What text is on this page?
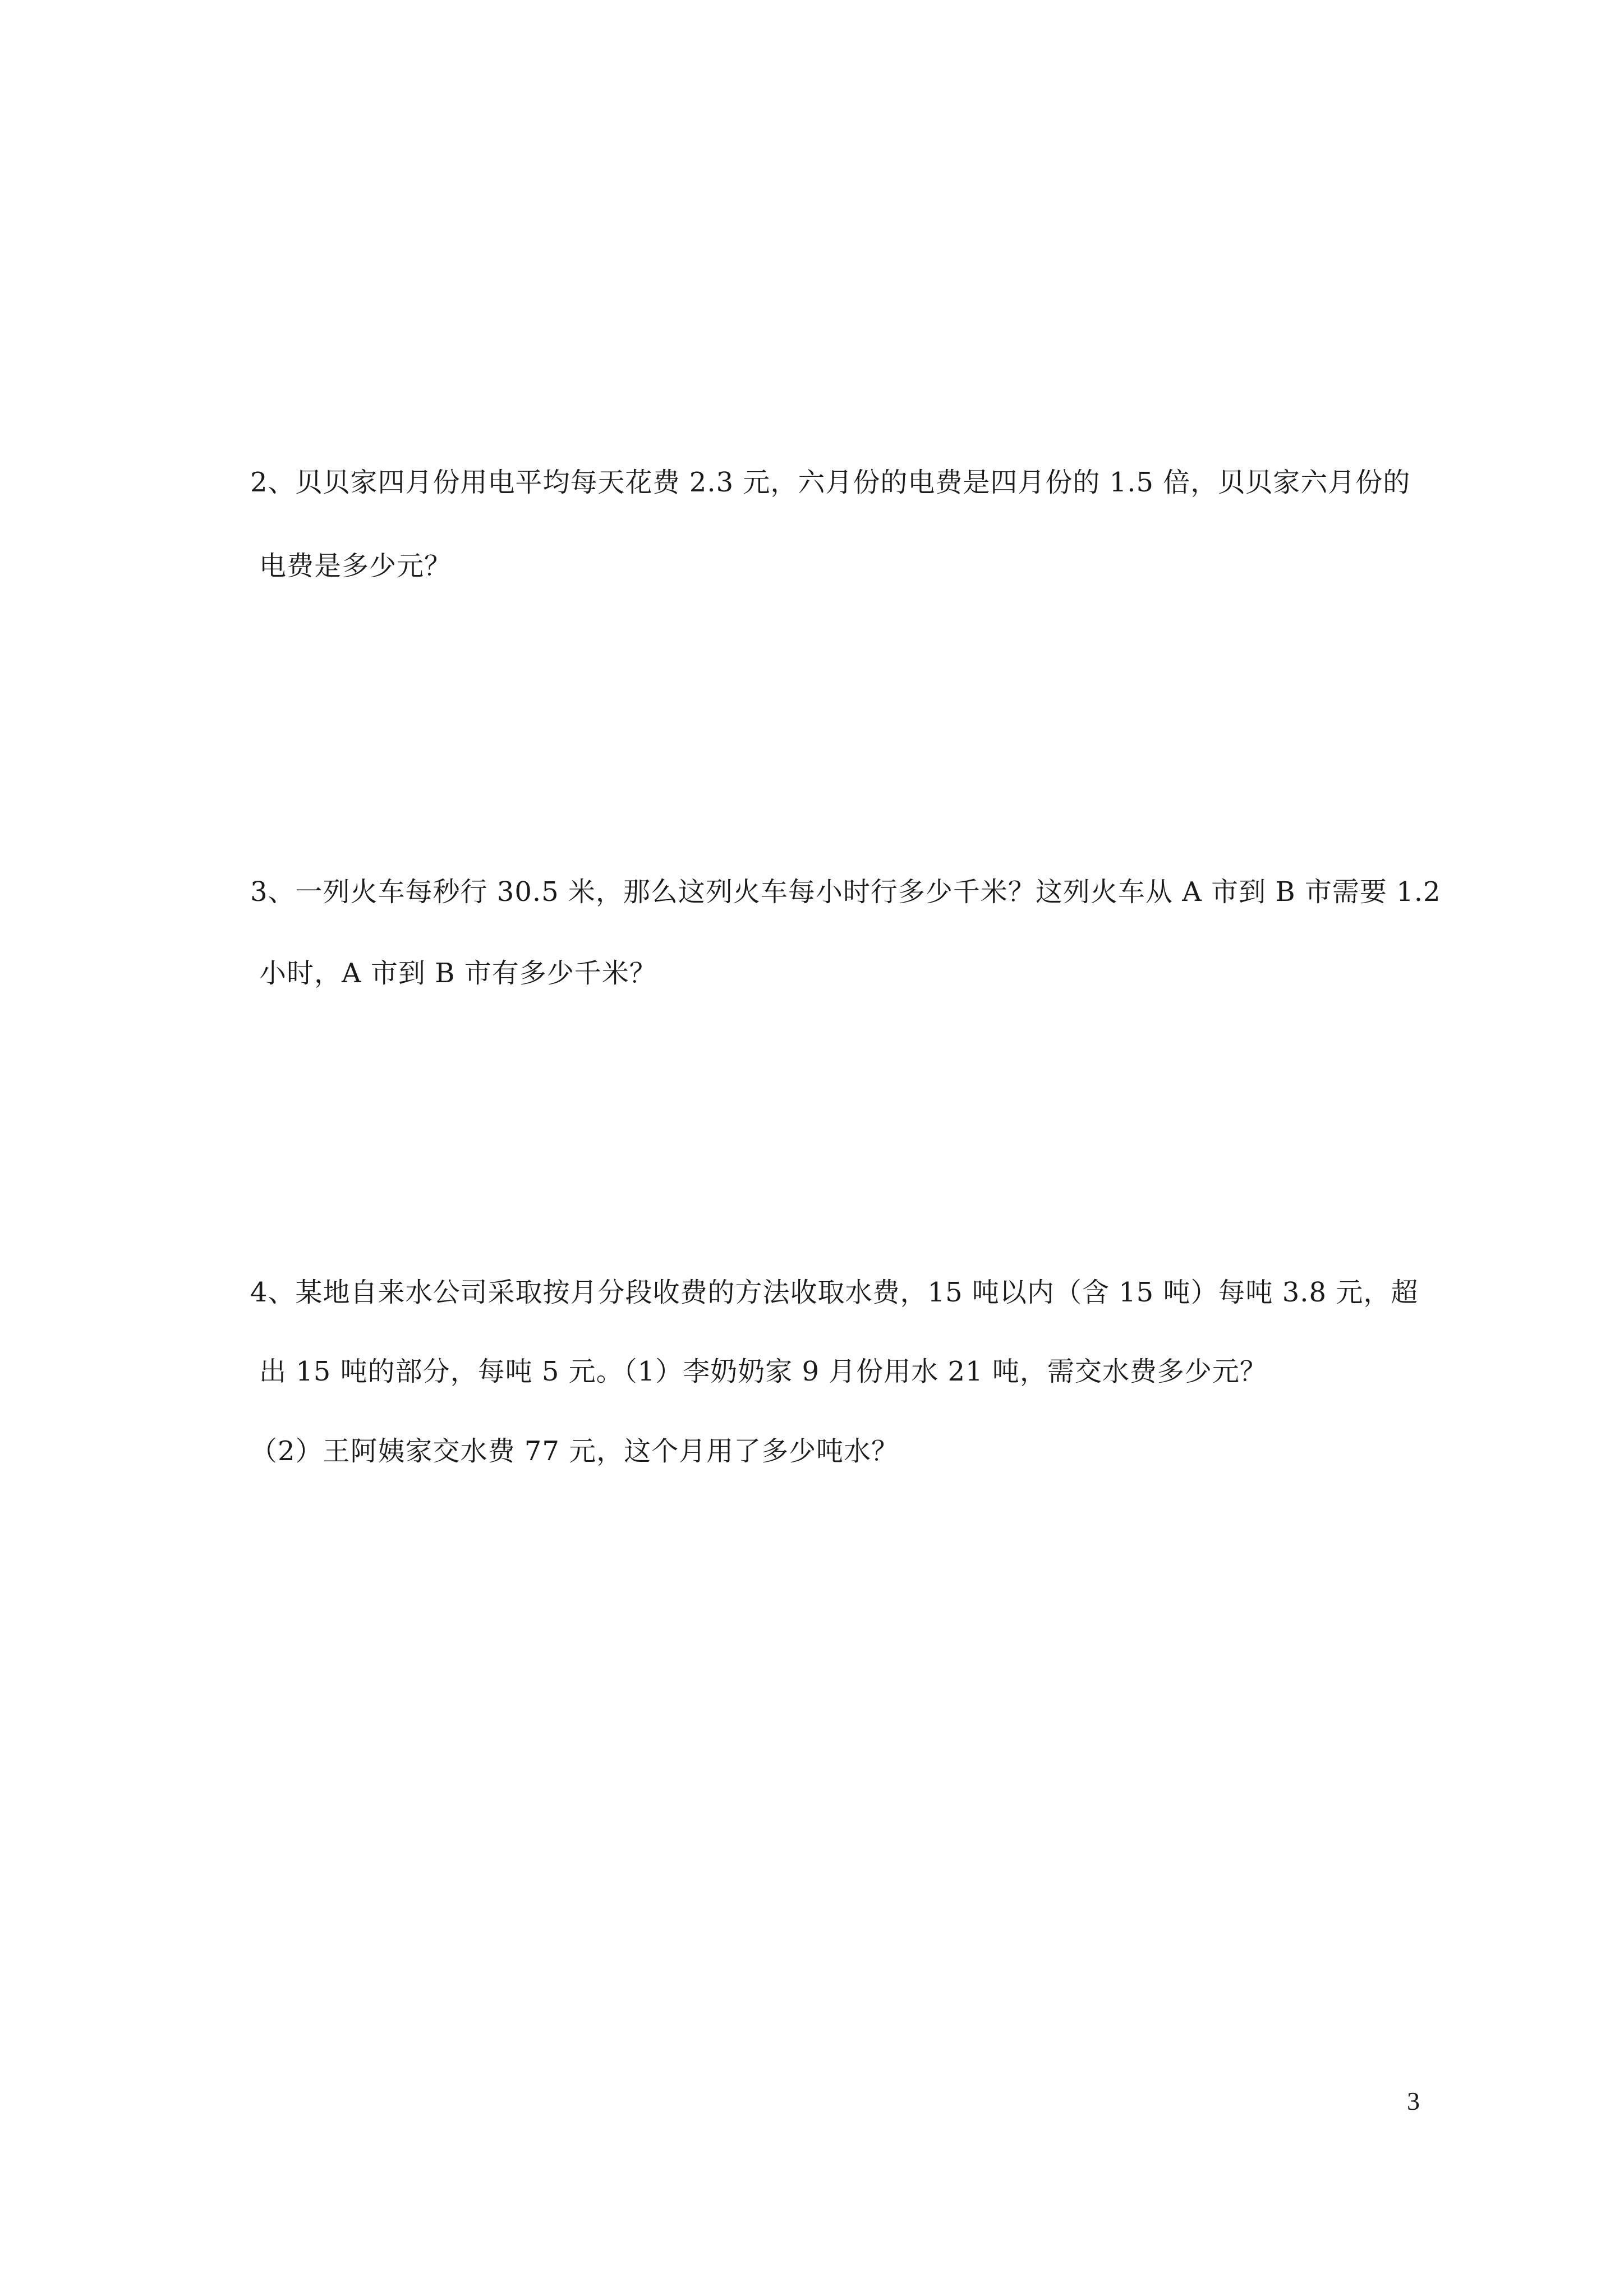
2、贝贝家四月份用电平均每天花费 2.3 元，六月份的电费是四月份的 1.5 倍，贝贝家六月份的
电费是多少元？
3、一列火车每秒行 30.5 米，那么这列火车每小时行多少千米？这列火车从 A 市到 B 市需要 1.2
小时，A 市到 B 市有多少千米？
4、某地自来水公司采取按月分段收费的方法收取水费，15 吨以内（含 15 吨）每吨 3.8 元，超
出 15 吨的部分，每吨 5 元。（1）李奶奶家 9 月份用水 21 吨，需交水费多少元？
（2）王阿姨家交水费 77 元，这个月用了多少吨水？
3
